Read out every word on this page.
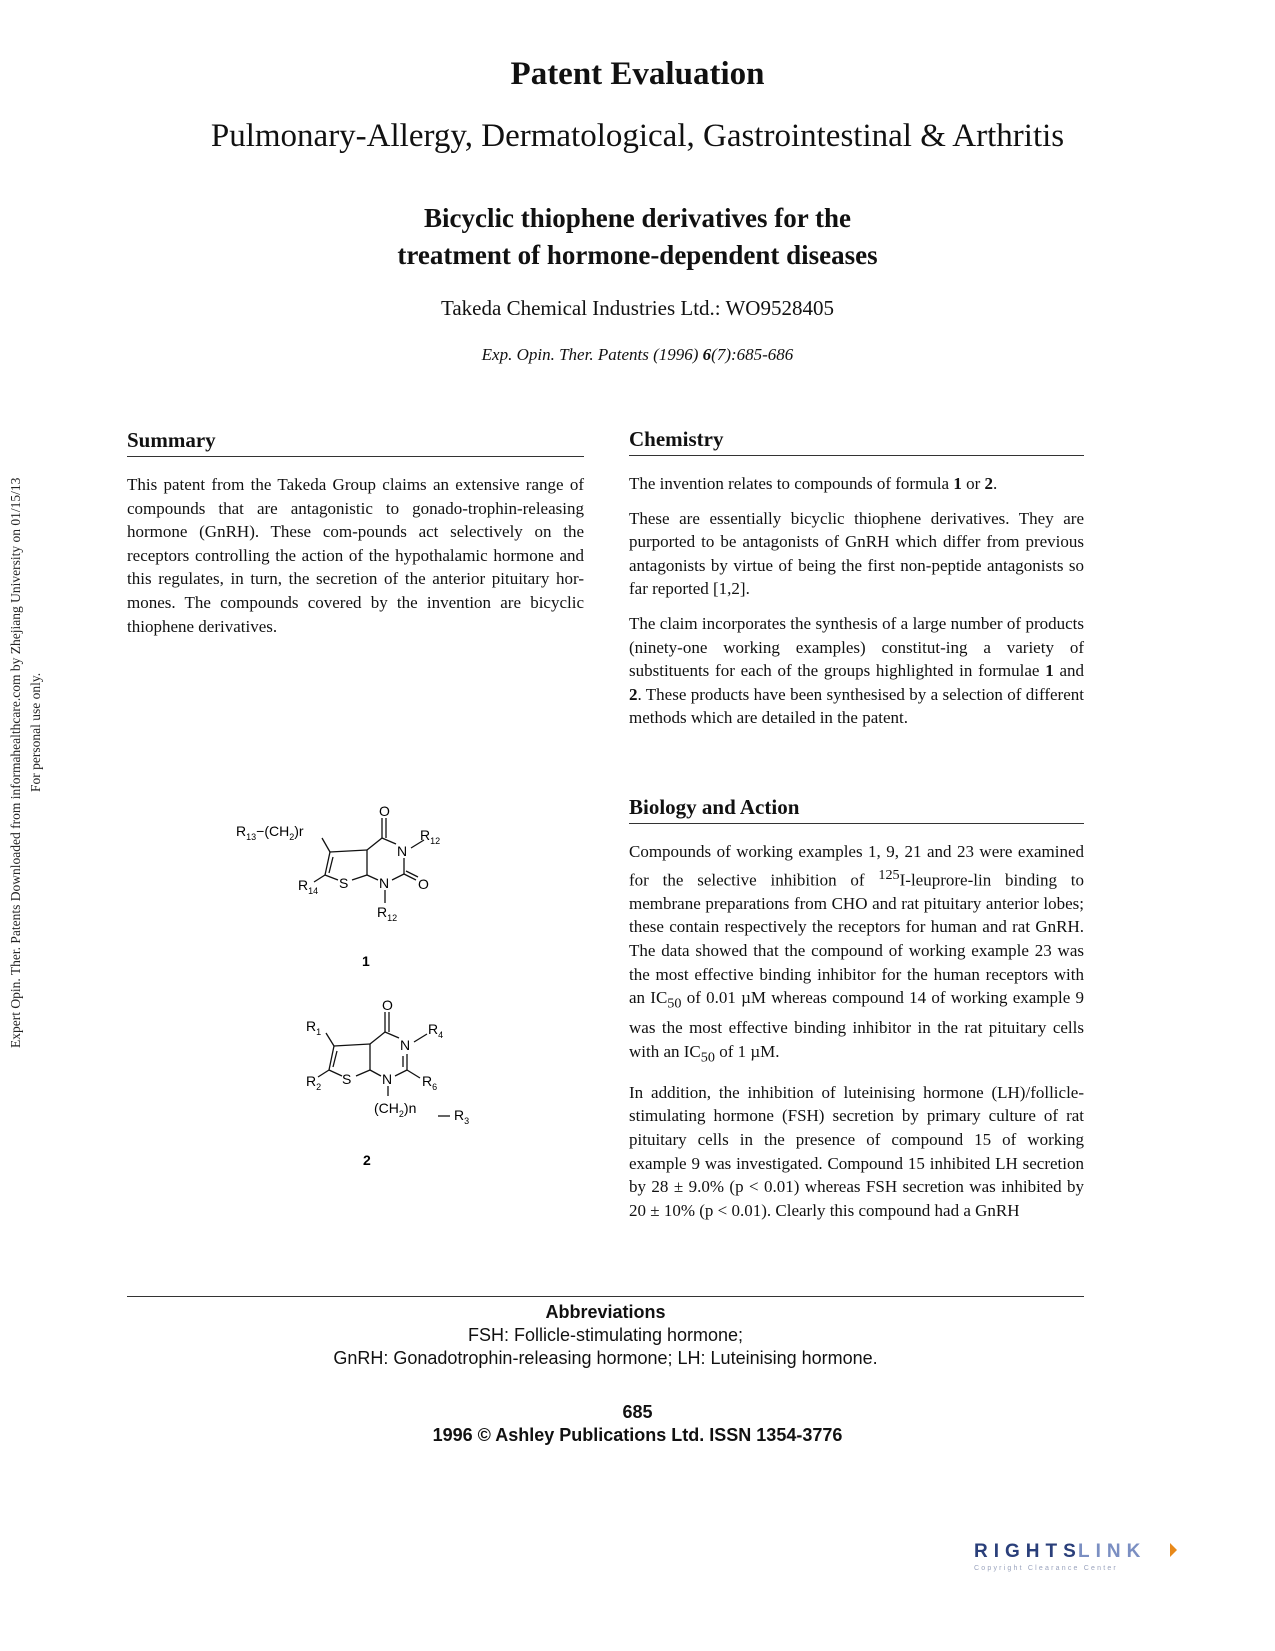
Expert Opin. Ther. Patents Downloaded from informahealthcare.com by Zhejiang University on 01/15/13 For personal use only.
Patent Evaluation
Pulmonary-Allergy, Dermatological, Gastrointestinal & Arthritis
Bicyclic thiophene derivatives for the
treatment of hormone-dependent diseases
Takeda Chemical Industries Ltd.: WO9528405
Exp. Opin. Ther. Patents (1996) 6(7):685-686
Summary

This patent from the Takeda Group claims an extensive range of compounds that are antagonistic to gonado-trophin-releasing hormone (GnRH). These com-pounds act selectively on the receptors controlling the action of the hypothalamic hormone and this regulates, in turn, the secretion of the anterior pituitary hor-mones. The compounds covered by the invention are bicyclic thiophene derivatives.

O
N
N
S	O
$R_{12}$
$R_{12}$
$R_{14}$
$R_{13}-(CH_2)r$
1
O
N
N
S
$R_1$
$R_2$
$R_4$
$R_6$
$(CH_2)n$	$R_3$
2
Chemistry

The invention relates to compounds of formula 1 or 2.

These are essentially bicyclic thiophene derivatives. They are purported to be antagonists of GnRH which differ from previous antagonists by virtue of being the first non-peptide antagonists so far reported [1,2].

The claim incorporates the synthesis of a large number of products (ninety-one working examples) constitut-ing a variety of substituents for each of the groups highlighted in formulae 1 and 2. These products have been synthesised by a selection of different methods which are detailed in the patent.

Biology and Action

Compounds of working examples 1, 9, 21 and 23 were examined for the selective inhibition of $^{125}$I-leuprore-lin binding to membrane preparations from CHO and rat pituitary anterior lobes; these contain respectively the receptors for human and rat GnRH. The data showed that the compound of working example 23 was the most effective binding inhibitor for the human receptors with an $IC_{50}$ of 0.01 µM whereas compound 14 of working example 9 was the most effective binding inhibitor in the rat pituitary cells with an $IC_{50}$ of 1 µM.

In addition, the inhibition of luteinising hormone (LH)/follicle-stimulating hormone (FSH) secretion by primary culture of rat pituitary cells in the presence of compound 15 of working example 9 was investigated. Compound 15 inhibited LH secretion by 28 ± 9.0% (p < 0.01) whereas FSH secretion was inhibited by 20 ± 10% (p < 0.01). Clearly this compound had a GnRH

Abbreviations
FSH: Follicle-stimulating hormone;
GnRH: Gonadotrophin-releasing hormone; LH: Luteinising hormone.
685
1996 © Ashley Publications Ltd. ISSN 1354-3776
RIGHTS
LINK
Copyright Clearance Center
